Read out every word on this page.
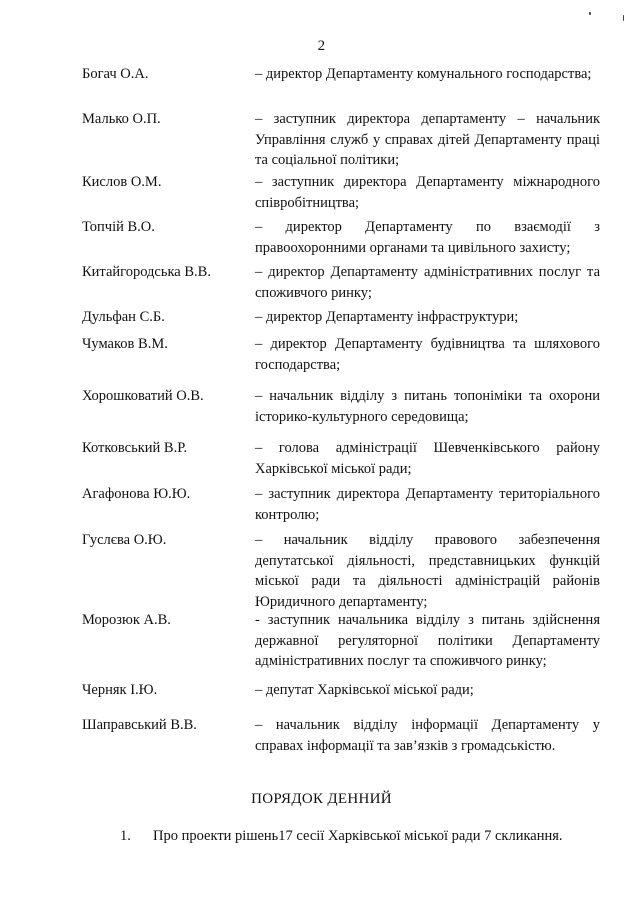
2
Богач О.А.	– директор Департаменту комунального господарства;
Малько О.П.	– заступник директора департаменту – начальник Управління служб у справах дітей Департаменту праці та соціальної політики;
Кислов О.М.	– заступник директора Департаменту міжнародного співробітництва;
Топчій В.О.	– директор Департаменту по взаємодії з правоохоронними органами та цивільного захисту;
Китайгородська В.В.	– директор Департаменту адміністративних послуг та споживчого ринку;
Дульфан С.Б.	– директор Департаменту інфраструктури;
Чумаков В.М.	– директор Департаменту будівництва та шляхового господарства;
Хорошковатий О.В.	– начальник відділу з питань топоніміки та охорони історико-культурного середовища;
Котковський В.Р.	– голова адміністрації Шевченківського району Харківської міської ради;
Агафонова Ю.Ю.	– заступник директора Департаменту територіального контролю;
Гуслєва О.Ю.	– начальник відділу правового забезпечення депутатської діяльності, представницьких функцій міської ради та діяльності адміністрацій районів Юридичного департаменту;
Морозюк А.В.	- заступник начальника відділу з питань здійснення державної регуляторної політики Департаменту адміністративних послуг та споживчого ринку;
Черняк І.Ю.	– депутат Харківської міської ради;
Шаправський В.В.	– начальник відділу інформації Департаменту у справах інформації та зав’язків з громадськістю.
ПОРЯДОК ДЕННИЙ
1. Про проекти рішень17 сесії Харківської міської ради 7 скликання.
